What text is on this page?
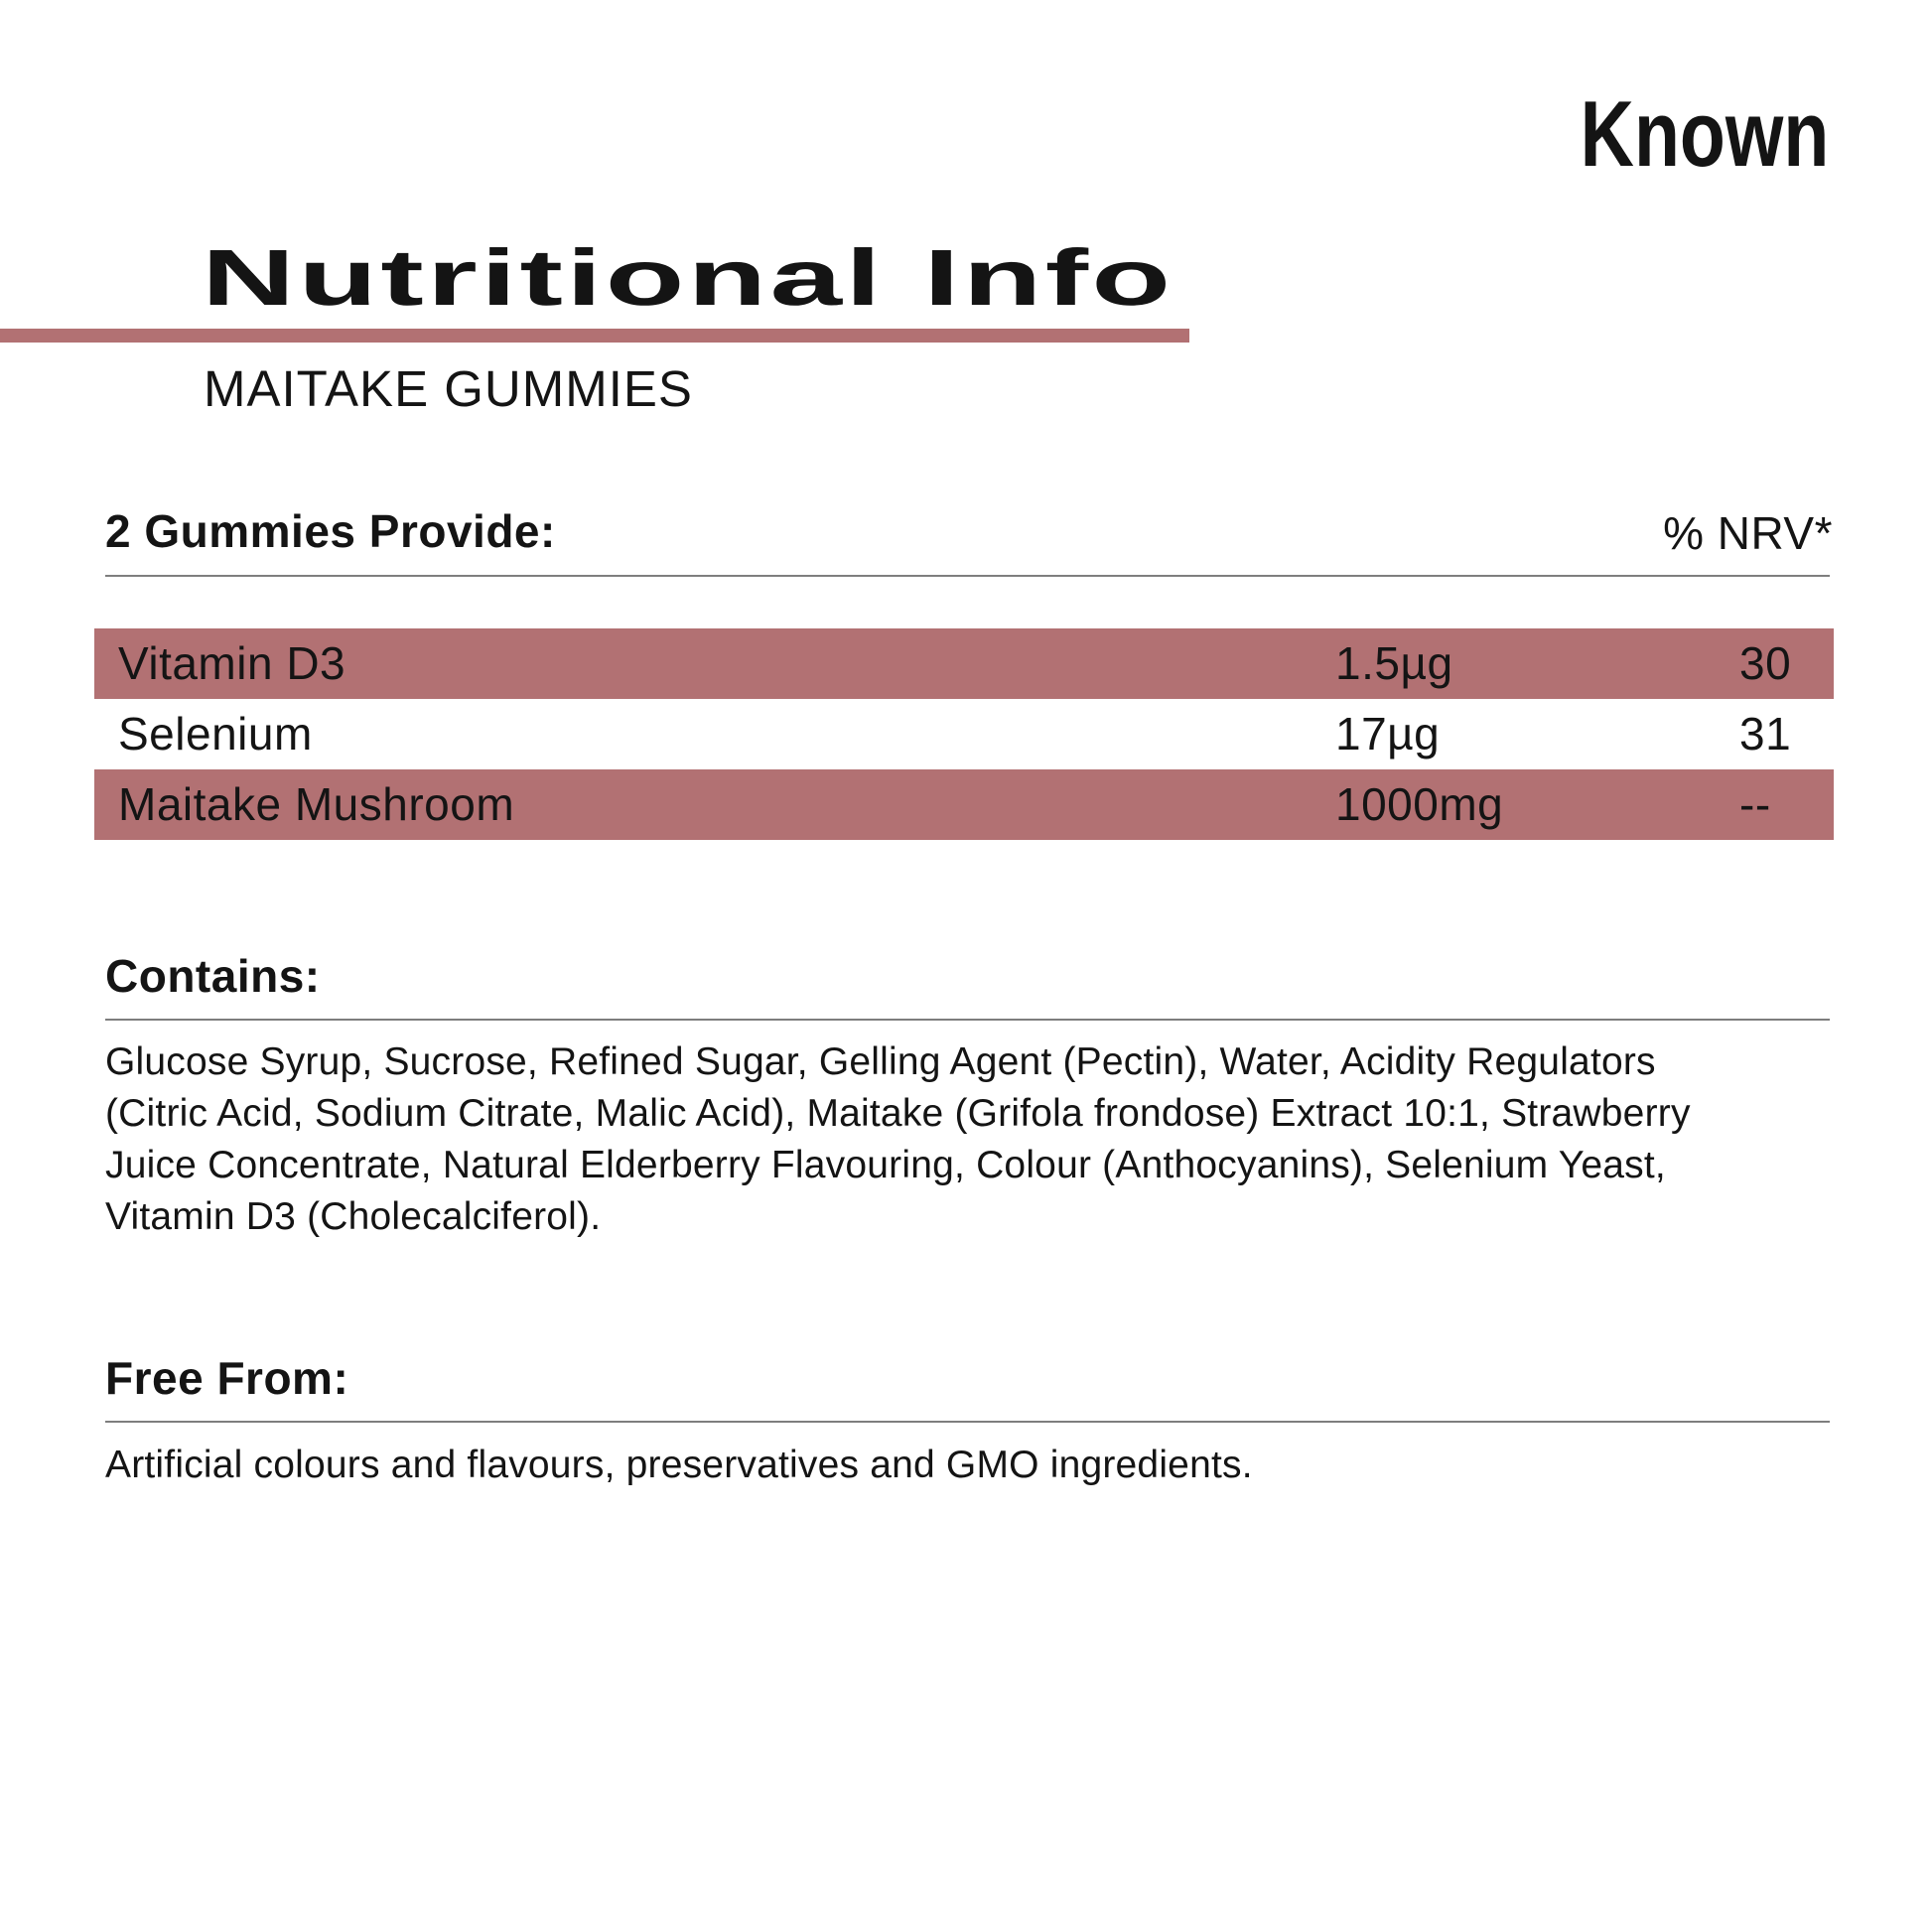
Known
Nutritional Info
MAITAKE GUMMIES
2 Gummies Provide:	% NRV*
Vitamin D3	1.5µg	30
Selenium	17µg	31
Maitake Mushroom	1000mg	--
Contains:
Glucose Syrup, Sucrose, Refined Sugar, Gelling Agent (Pectin), Water, Acidity Regulators
(Citric Acid, Sodium Citrate, Malic Acid), Maitake (Grifola frondose) Extract 10:1, Strawberry
Juice Concentrate, Natural Elderberry Flavouring, Colour (Anthocyanins), Selenium Yeast,
Vitamin D3 (Cholecalciferol).
Free From:
Artificial colours and flavours, preservatives and GMO ingredients.
